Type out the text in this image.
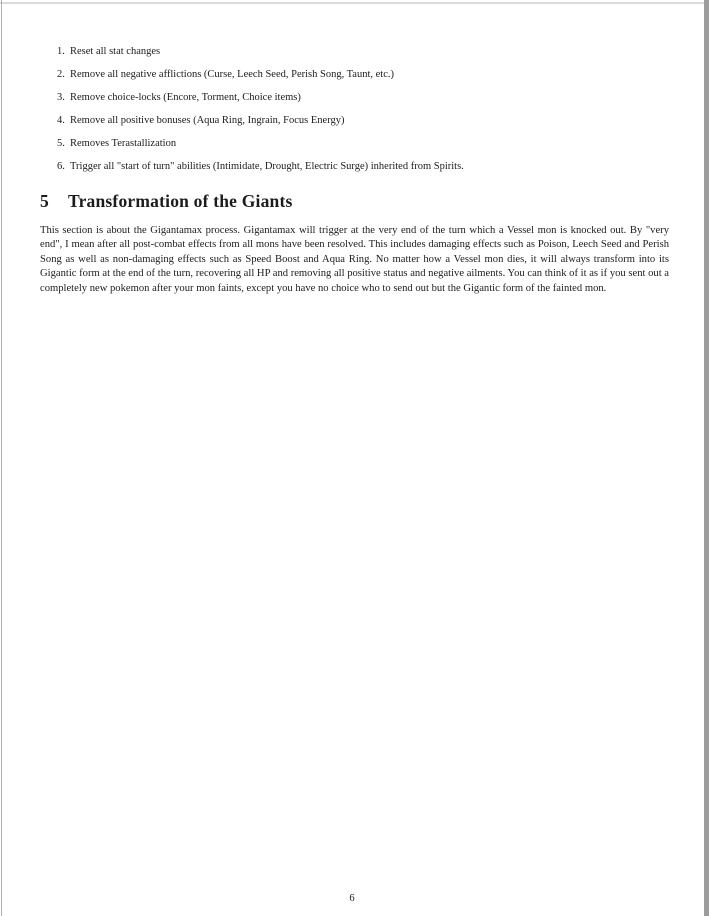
1. Reset all stat changes
2. Remove all negative afflictions (Curse, Leech Seed, Perish Song, Taunt, etc.)
3. Remove choice-locks (Encore, Torment, Choice items)
4. Remove all positive bonuses (Aqua Ring, Ingrain, Focus Energy)
5. Removes Terastallization
6. Trigger all "start of turn" abilities (Intimidate, Drought, Electric Surge) inherited from Spirits.
5	Transformation of the Giants

This section is about the Gigantamax process. Gigantamax will trigger at the very end of the turn which a Vessel mon is knocked out. By "very end", I mean after all post-combat effects from all mons have been resolved. This includes damaging effects such as Poison, Leech Seed and Perish Song as well as non-damaging effects such as Speed Boost and Aqua Ring. No matter how a Vessel mon dies, it will always transform into its Gigantic form at the end of the turn, recovering all HP and removing all positive status and negative ailments. You can think of it as if you sent out a completely new pokemon after your mon faints, except you have no choice who to send out but the Gigantic form of the fainted mon.

6
